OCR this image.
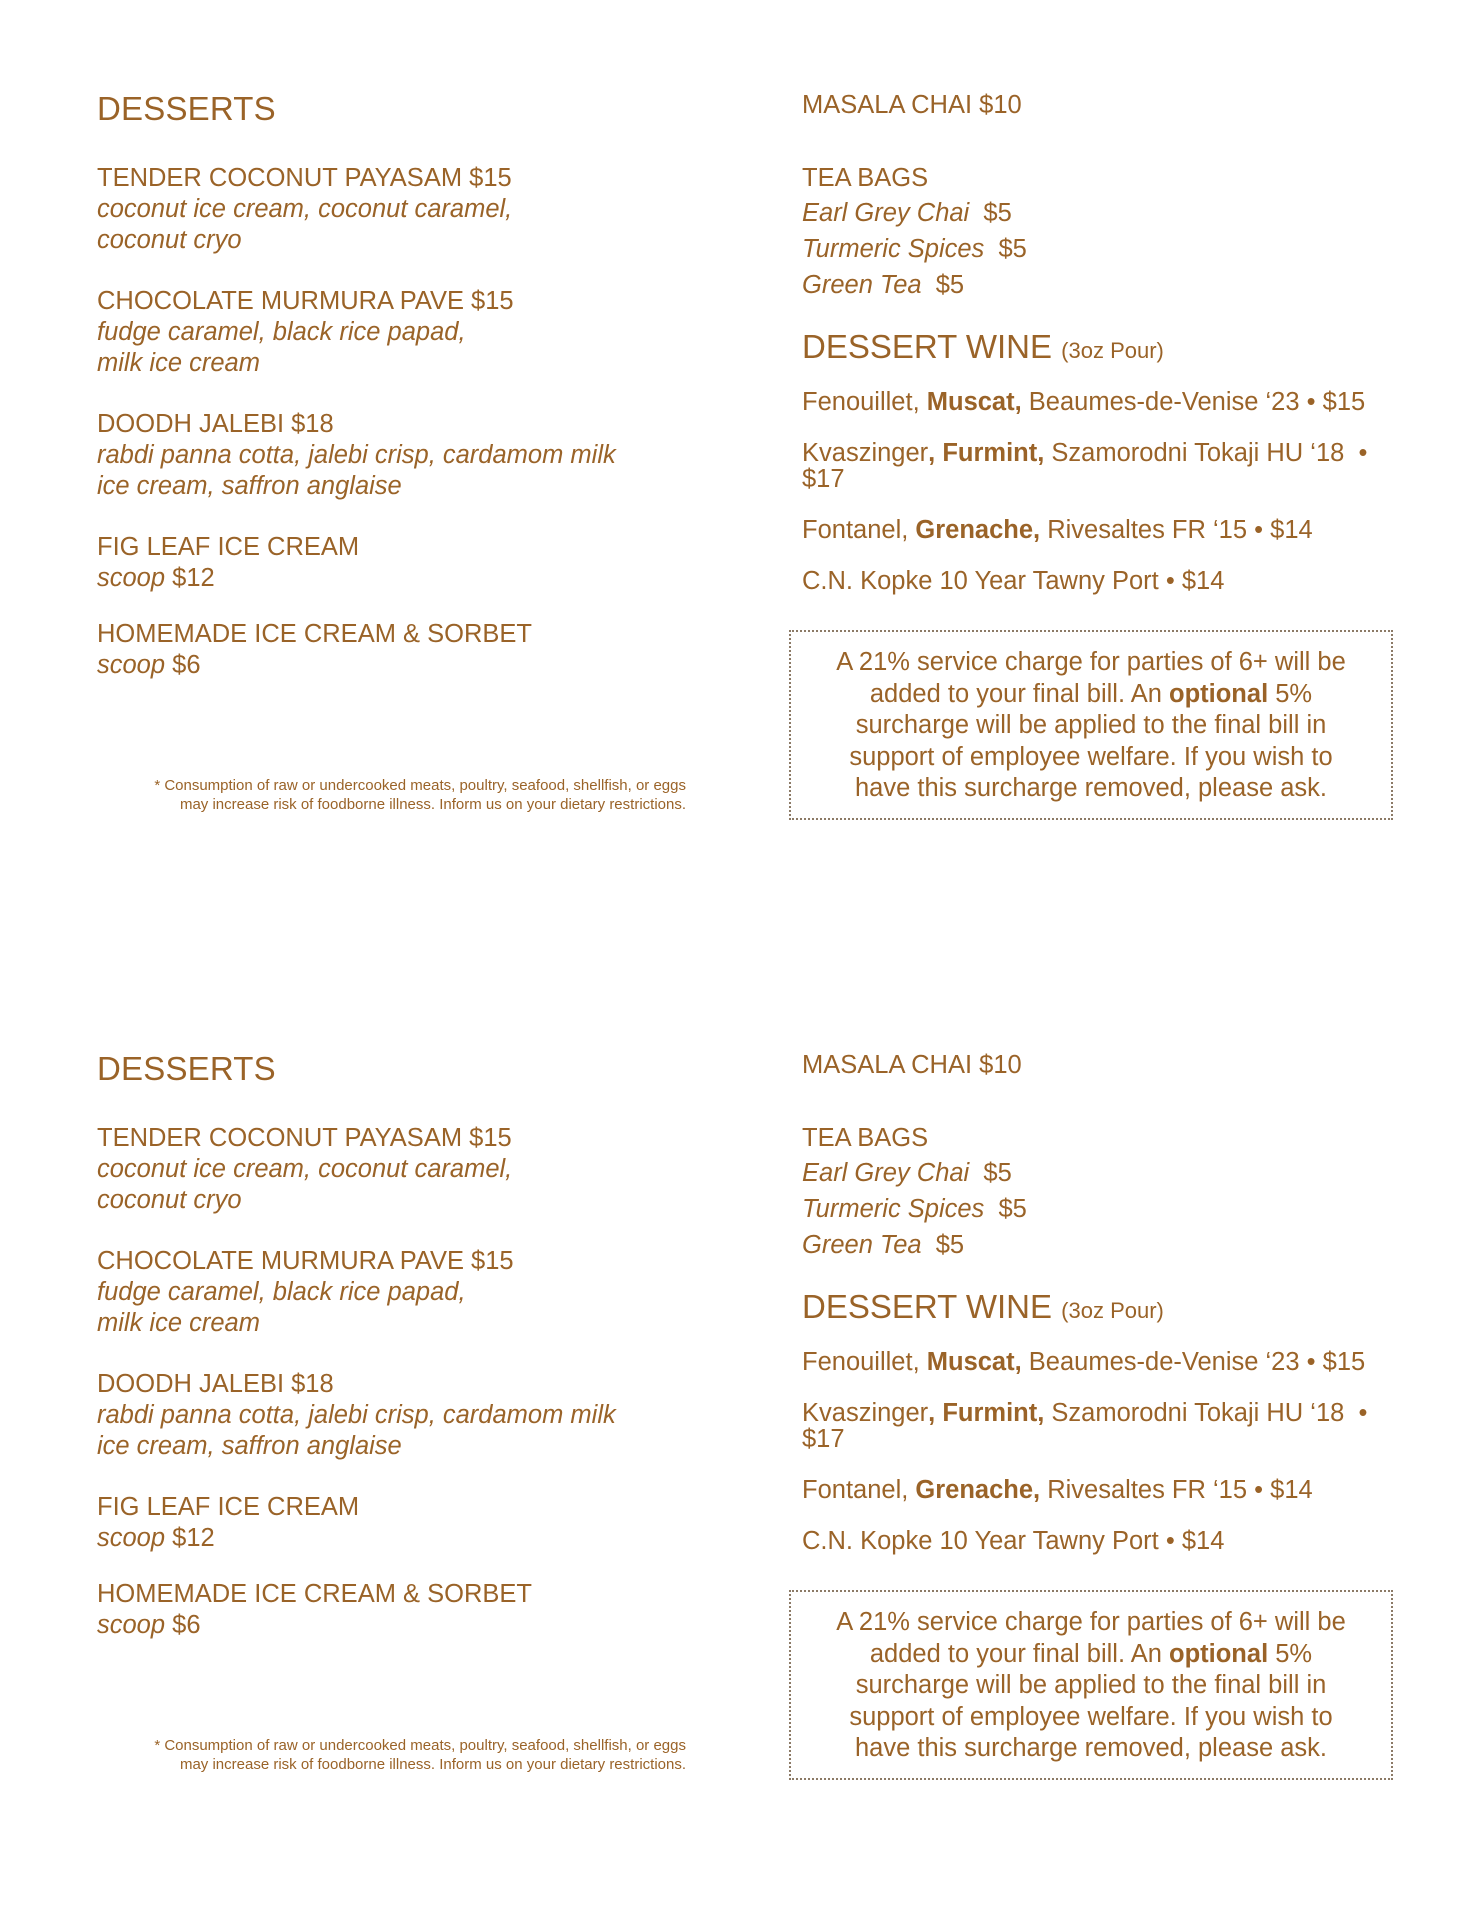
DESSERTS
TENDER COCONUT PAYASAM $15
coconut ice cream, coconut caramel,
coconut cryo
CHOCOLATE MURMURA PAVE $15
fudge caramel, black rice papad,
milk ice cream
DOODH JALEBI $18
rabdi panna cotta, jalebi crisp, cardamom milk
ice cream, saffron anglaise
FIG LEAF ICE CREAM
scoop $12
HOMEMADE ICE CREAM & SORBET
scoop $6
* Consumption of raw or undercooked meats, poultry, seafood, shellfish, or eggs
may increase risk of foodborne illness. Inform us on your dietary restrictions.
MASALA CHAI $10
TEA BAGS
Earl Grey Chai  $5
Turmeric Spices  $5
Green Tea  $5
DESSERT WINE (3oz Pour)
Fenouillet, Muscat, Beaumes-de-Venise ‘23 • $15
Kvaszinger, Furmint, Szamorodni Tokaji HU ‘18  • $17
Fontanel, Grenache, Rivesaltes FR ‘15 • $14
C.N. Kopke 10 Year Tawny Port • $14
A 21% service charge for parties of 6+ will be added to your final bill. An optional 5% surcharge will be applied to the final bill in support of employee welfare. If you wish to have this surcharge removed, please ask.
DESSERTS
TENDER COCONUT PAYASAM $15
coconut ice cream, coconut caramel,
coconut cryo
CHOCOLATE MURMURA PAVE $15
fudge caramel, black rice papad,
milk ice cream
DOODH JALEBI $18
rabdi panna cotta, jalebi crisp, cardamom milk
ice cream, saffron anglaise
FIG LEAF ICE CREAM
scoop $12
HOMEMADE ICE CREAM & SORBET
scoop $6
* Consumption of raw or undercooked meats, poultry, seafood, shellfish, or eggs
may increase risk of foodborne illness. Inform us on your dietary restrictions.
MASALA CHAI $10
TEA BAGS
Earl Grey Chai  $5
Turmeric Spices  $5
Green Tea  $5
DESSERT WINE (3oz Pour)
Fenouillet, Muscat, Beaumes-de-Venise ‘23 • $15
Kvaszinger, Furmint, Szamorodni Tokaji HU ‘18  • $17
Fontanel, Grenache, Rivesaltes FR ‘15 • $14
C.N. Kopke 10 Year Tawny Port • $14
A 21% service charge for parties of 6+ will be added to your final bill. An optional 5% surcharge will be applied to the final bill in support of employee welfare. If you wish to have this surcharge removed, please ask.
